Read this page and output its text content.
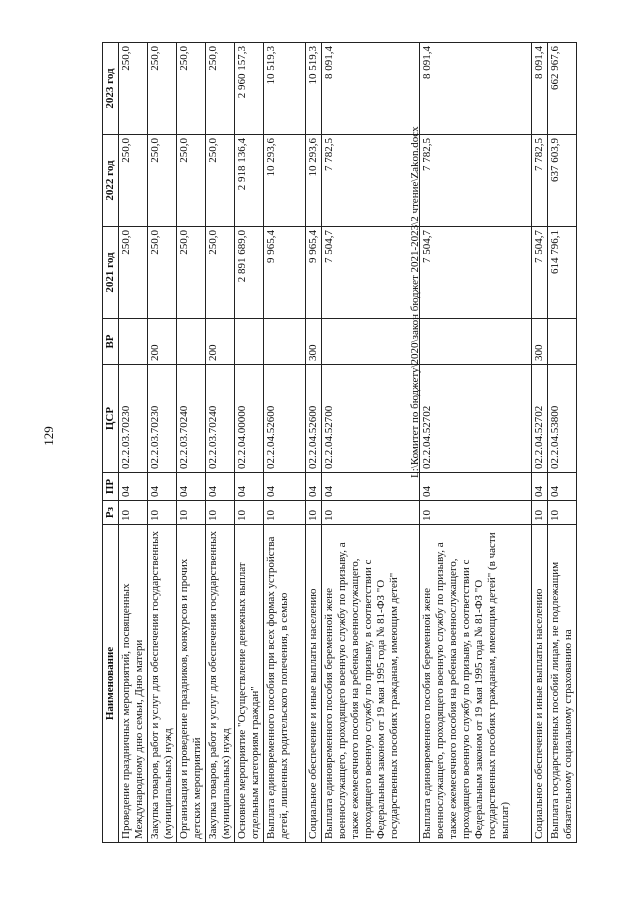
129
Наименование	Рз	ПР	ЦСР	ВР	2021 год	2022 год	2023 год
Проведение праздничных мероприятий, посвященных Международному дню семьи, Дню матери	10	04	02.2.03.70230		250,0	250,0	250,0
Закупка товаров, работ и услуг для обеспечения государственных (муниципальных) нужд	10	04	02.2.03.70230	200	250,0	250,0	250,0
Организация и проведение праздников, конкурсов и прочих детских мероприятий	10	04	02.2.03.70240		250,0	250,0	250,0
Закупка товаров, работ и услуг для обеспечения государственных (муниципальных) нужд	10	04	02.2.03.70240	200	250,0	250,0	250,0
Основное мероприятие "Осуществление денежных выплат отдельным категориям граждан"	10	04	02.2.04.00000		2 891 689,0	2 918 136,4	2 960 157,3
Выплата единовременного пособия при всех формах устройства детей, лишенных родительского попечения, в семью	10	04	02.2.04.52600		9 965,4	10 293,6	10 519,3
Социальное обеспечение и иные выплаты населению	10	04	02.2.04.52600	300	9 965,4	10 293,6	10 519,3
Выплата единовременного пособия беременной жене военнослужащего, проходящего военную службу по призыву, а также ежемесячного пособия на ребенка военнослужащего, проходящего военную службу по призыву, в соответствии с Федеральным законом от 19 мая 1995 года № 81-ФЗ "О государственных пособиях гражданам, имеющим детей"	10	04	02.2.04.52700		7 504,7	7 782,5	8 091,4
Выплата единовременного пособия беременной жене военнослужащего, проходящего военную службу по призыву, а также ежемесячного пособия на ребенка военнослужащего, проходящего военную службу по призыву, в соответствии с Федеральным законом от 19 мая 1995 года № 81-ФЗ "О государственных пособиях гражданам, имеющим детей" (в части выплат)	10	04	02.2.04.52702		7 504,7	7 782,5	8 091,4
Социальное обеспечение и иные выплаты населению	10	04	02.2.04.52702	300	7 504,7	7 782,5	8 091,4
Выплата государственных пособий лицам, не подлежащим обязательному социальному страхованию на	10	04	02.2.04.53800		614 796,1	637 603,9	662 967,6
L:\Комитет по бюджету\2020\закон бюджет 2021-2023\2 чтение\Zakon.docx
